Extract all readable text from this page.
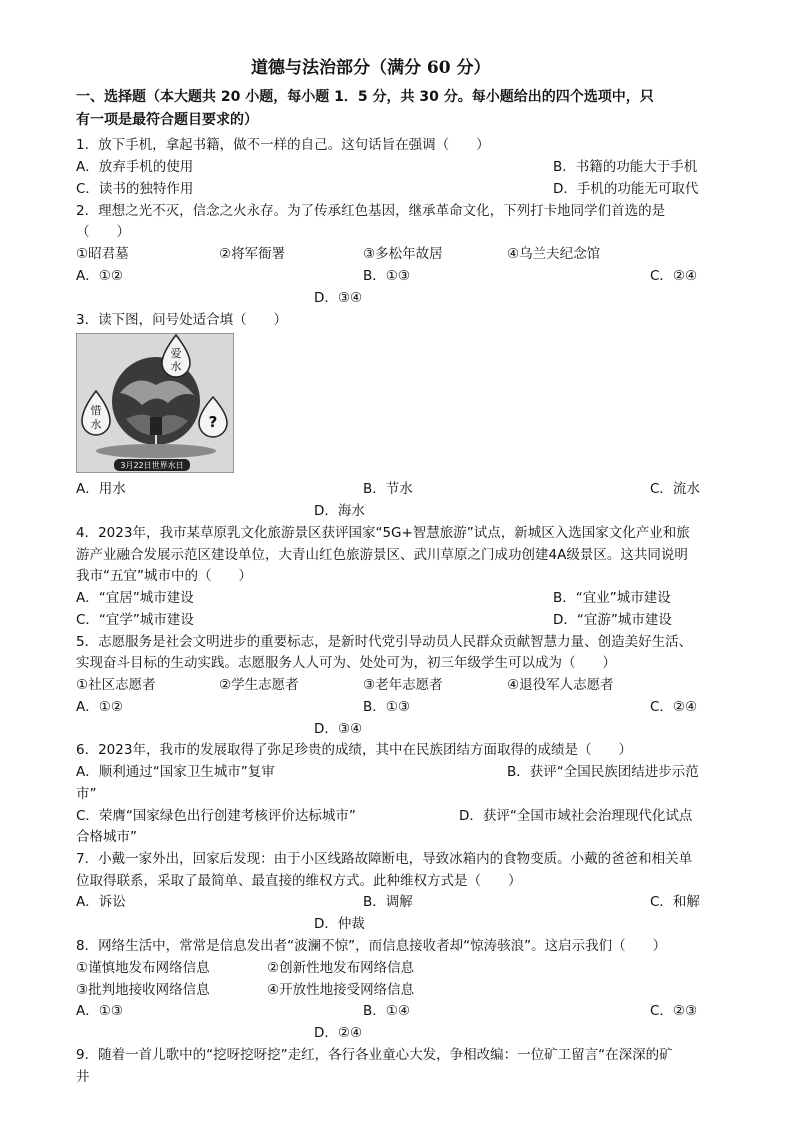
道德与法治部分（满分 60 分）
一、选择题（本大题共 20 小题，每小题 1．5 分，共 30 分。每小题给出的四个选项中，只
有一项是最符合题目要求的）
1．放下手机，拿起书籍，做不一样的自己。这句话旨在强调（　　）
A．放弃手机的使用	B．书籍的功能大于手机
C．读书的独特作用	D．手机的功能无可取代
2．理想之光不灭，信念之火永存。为了传承红色基因，继承革命文化，下列打卡地同学们首选的是
（　　）
①昭君墓	②将军衙署	③多松年故居	④乌兰夫纪念馆
A．①②	B．①③	C．②④
D．③④
3．读下图，问号处适合填（　　）
爱
水
惜
水	?
3月22日世界水日
A．用水	B．节水	C．流水
D．海水
4．2023年，我市某草原乳文化旅游景区获评国家“5G+智慧旅游”试点，新城区入选国家文化产业和旅
游产业融合发展示范区建设单位，大青山红色旅游景区、武川草原之门成功创建4A级景区。这共同说明
我市“五宜”城市中的（　　）
A．“宜居”城市建设	B．“宜业”城市建设
C．“宜学”城市建设	D．“宜游”城市建设
5．志愿服务是社会文明进步的重要标志，是新时代党引导动员人民群众贡献智慧力量、创造美好生活、
实现奋斗目标的生动实践。志愿服务人人可为、处处可为，初三年级学生可以成为（　　）
①社区志愿者	②学生志愿者	③老年志愿者	④退役军人志愿者
A．①②	B．①③	C．②④
D．③④
6．2023年，我市的发展取得了弥足珍贵的成绩，其中在民族团结方面取得的成绩是（　　）
A．顺利通过“国家卫生城市”复审	B．获评“全国民族团结进步示范
市”
C．荣膺“国家绿色出行创建考核评价达标城市”	D．获评“全国市域社会治理现代化试点
合格城市”
7．小戴一家外出，回家后发现：由于小区线路故障断电，导致冰箱内的食物变质。小戴的爸爸和相关单
位取得联系，采取了最简单、最直接的维权方式。此种维权方式是（　　）
A．诉讼	B．调解	C．和解
D．仲裁
8．网络生活中，常常是信息发出者“波澜不惊”，而信息接收者却“惊涛骇浪”。这启示我们（　　）
①谨慎地发布网络信息	②创新性地发布网络信息
③批判地接收网络信息	④开放性地接受网络信息
A．①③	B．①④	C．②③
D．②④
9．随着一首儿歌中的“挖呀挖呀挖”走红，各行各业童心大发，争相改编：一位矿工留言“在深深的矿
井
